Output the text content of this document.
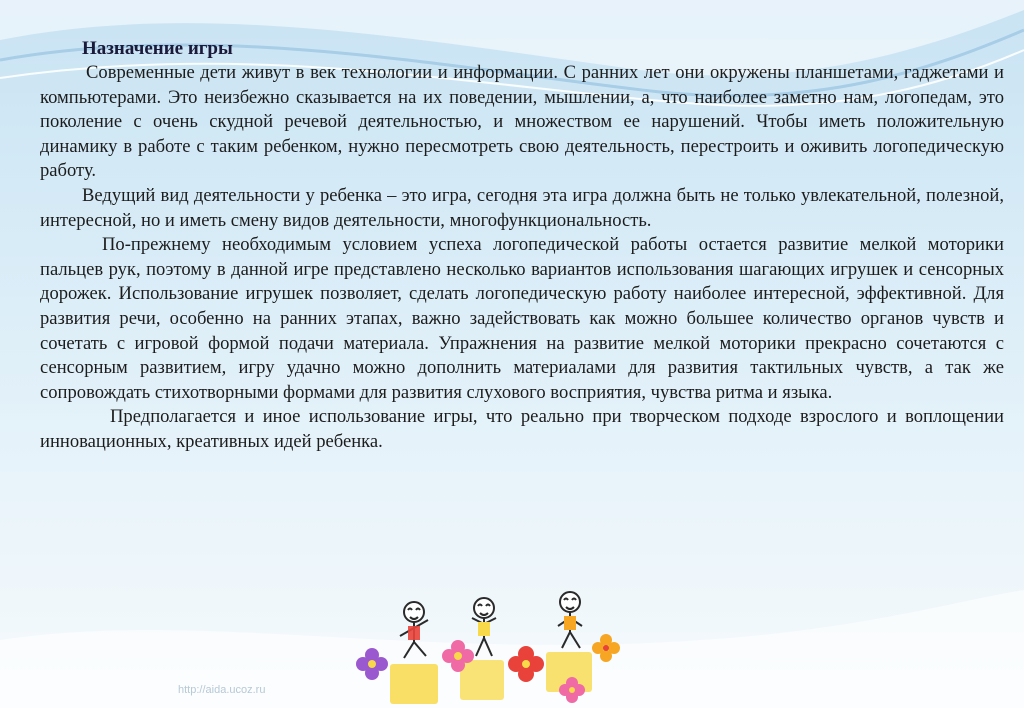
Назначение игры

Современные дети живут в век технологии и информации. С ранних лет они окружены планшетами, гаджетами и компьютерами. Это неизбежно сказывается на их поведении, мышлении, а, что наиболее заметно нам, логопедам, это поколение с очень скудной речевой деятельностью, и множеством ее нарушений. Чтобы иметь положительную динамику в работе с таким ребенком, нужно пересмотреть свою деятельность, перестроить и оживить логопедическую работу.

Ведущий вид деятельности у ребенка – это игра, сегодня эта игра должна быть не только увлекательной, полезной, интересной, но и иметь смену видов деятельности, многофункциональность.

По-прежнему необходимым условием успеха логопедической работы остается развитие мелкой моторики пальцев рук, поэтому в данной игре представлено несколько вариантов использования шагающих игрушек и сенсорных дорожек. Использование игрушек позволяет, сделать логопедическую работу наиболее интересной, эффективной. Для развития речи, особенно на ранних этапах, важно задействовать как можно большее количество органов чувств и сочетать с игровой формой подачи материала. Упражнения на развитие мелкой моторики прекрасно сочетаются с сенсорным развитием, игру удачно можно дополнить материалами для развития тактильных чувств, а так же сопровождать стихотворными формами для развития слухового восприятия, чувства ритма и языка.

Предполагается и иное использование игры, что реально при творческом подходе взрослого и воплощении инновационных, креативных идей ребенка.

http://aida.ucoz.ru
